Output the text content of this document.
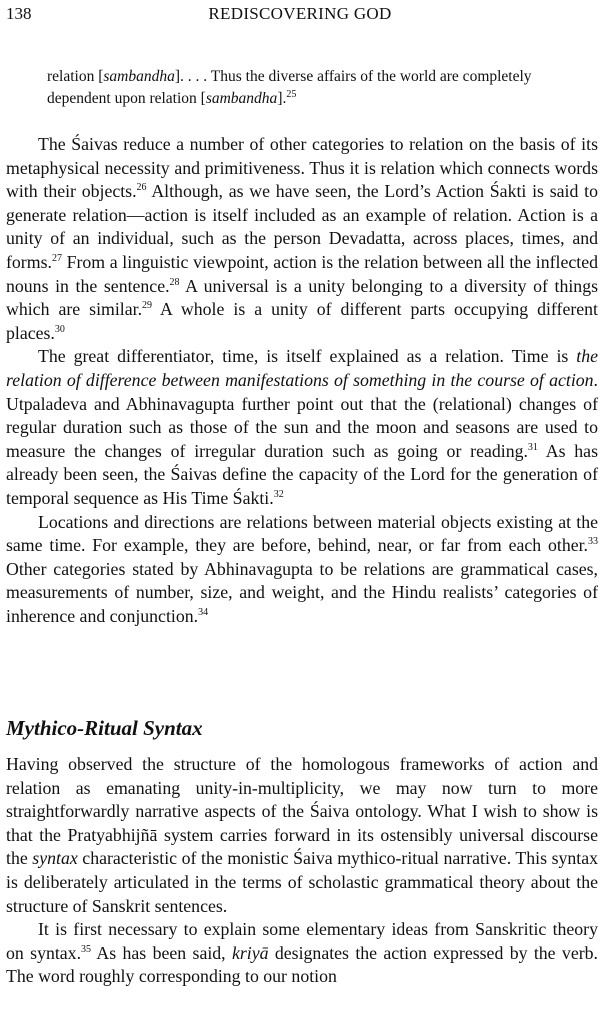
138	REDISCOVERING GOD
relation [sambandha]. . . . Thus the diverse affairs of the world are completely dependent upon relation [sambandha].$^{25}$

The Śaivas reduce a number of other categories to relation on the basis of its metaphysical necessity and primitiveness. Thus it is relation which connects words with their objects.$^{26}$ Although, as we have seen, the Lord’s Action Śakti is said to generate relation—action is itself included as an example of relation. Action is a unity of an individual, such as the person Devadatta, across places, times, and forms.$^{27}$ From a linguistic viewpoint, action is the relation between all the inflected nouns in the sentence.$^{28}$ A universal is a unity belonging to a diversity of things which are similar.$^{29}$ A whole is a unity of different parts occupying different places.$^{30}$

The great differentiator, time, is itself explained as a relation. Time is the relation of difference between manifestations of something in the course of action. Utpaladeva and Abhinavagupta further point out that the (relational) changes of regular duration such as those of the sun and the moon and seasons are used to measure the changes of irregular duration such as going or reading.$^{31}$ As has already been seen, the Śaivas define the capacity of the Lord for the generation of temporal sequence as His Time Śakti.$^{32}$

Locations and directions are relations between material objects existing at the same time. For example, they are before, behind, near, or far from each other.$^{33}$ Other categories stated by Abhinavagupta to be relations are grammatical cases, measurements of number, size, and weight, and the Hindu realists’ categories of inherence and conjunction.$^{34}$

Mythico-Ritual Syntax

Having observed the structure of the homologous frameworks of action and relation as emanating unity-in-multiplicity, we may now turn to more straightforwardly narrative aspects of the Śaiva ontology. What I wish to show is that the Pratyabhijñā system carries forward in its ostensibly universal discourse the syntax characteristic of the monistic Śaiva mythico-ritual narrative. This syntax is deliberately articulated in the terms of scholastic grammatical theory about the structure of Sanskrit sentences.

It is first necessary to explain some elementary ideas from Sanskritic theory on syntax.$^{35}$ As has been said, kriyā designates the action expressed by the verb. The word roughly corresponding to our notion
